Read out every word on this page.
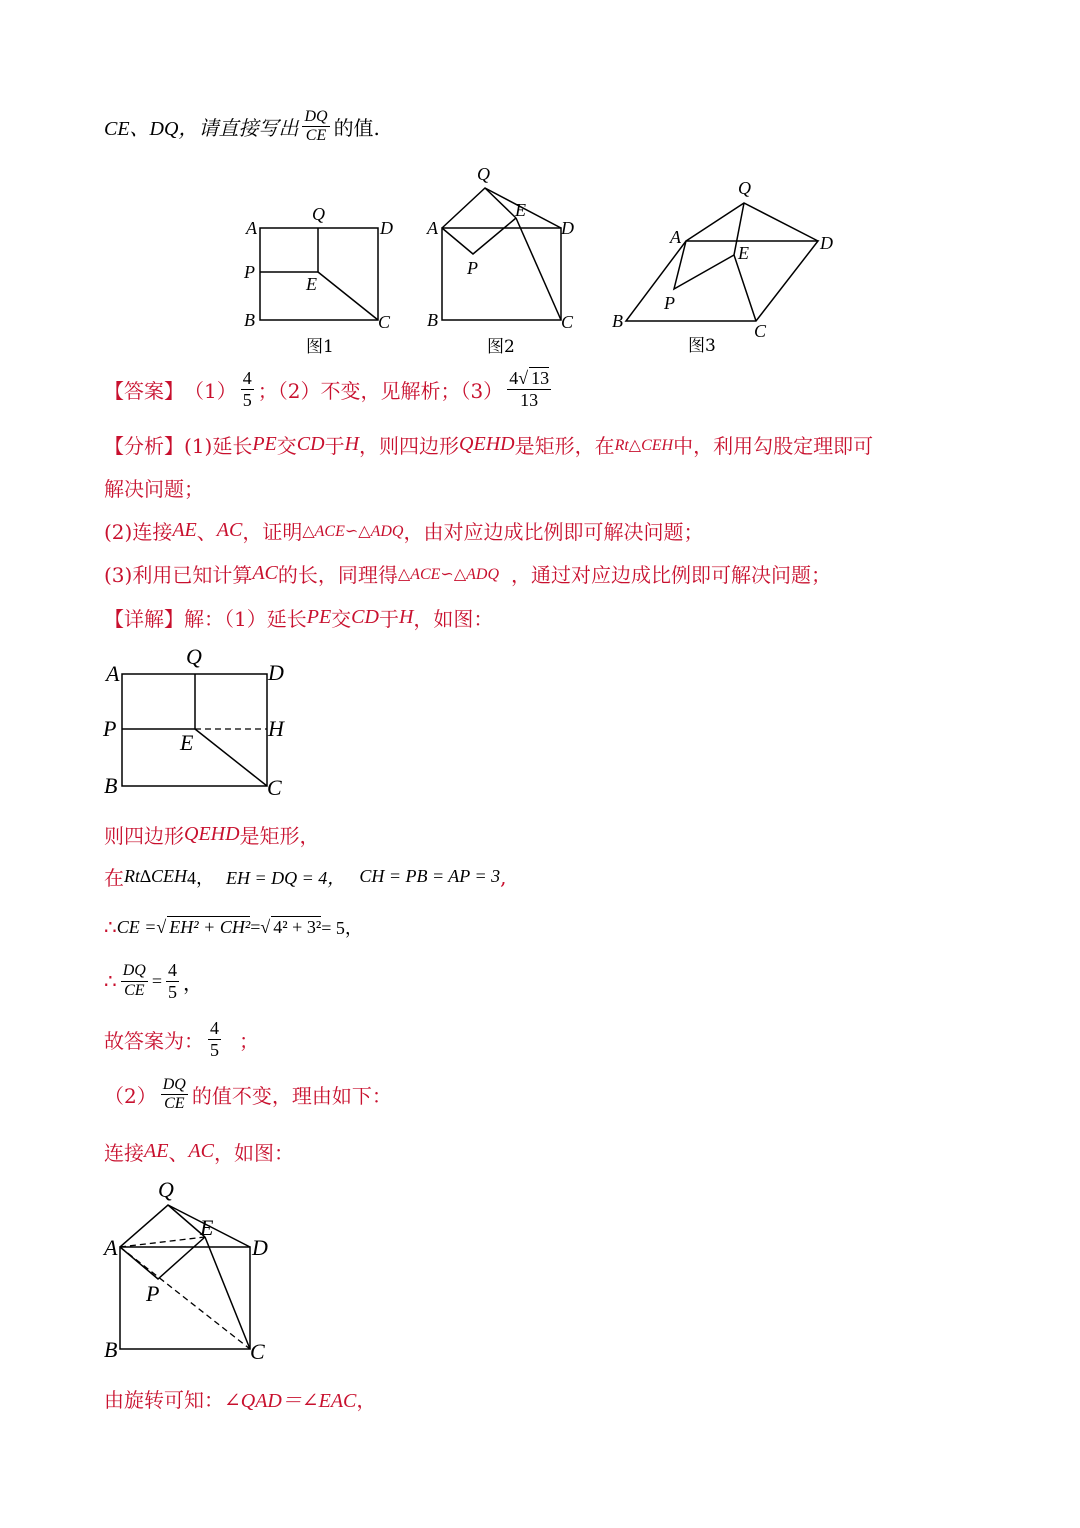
CE、DQ，请直接写出 $\frac{DQ}{CE}$ 的值.
A
Q
D
P
E
B	C
图1
Q
E
A	D
P
B	C
图2
Q
A
E	D
P
B	C
图3
【答案】 $(1) \frac{4}{5}$ ；（2）不变，见解析；$(3) \frac{4√ 13}{13}$
【分析】 (1)延长 PE 交 CD 于 H ，则四边形 QEHD 是矩形，在 Rt△CEH 中，利用勾股定理即可
解决问题；
(2)连接 AE 、 AC ，证明 △ACE∽△ADQ ，由对应边成比例即可解决问题；
(3)利用已知计算 AC 的长，同理得 △ACE∽△ADQ ，通过对应边成比例即可解决问题；
【详解】 解：（1）延长 PE 交 CD 于 H ，如图：
Q
A	D
P	H
E
B	C
则四边形 QEHD 是矩形，
在 Rt∆CEH 4， EH = DQ = 4， CH = PB = AP = 3 ,
∴ CE = √ EH² + CH² = √ 4² + 3² = 5，
∴ $\frac{DQ}{CE} = \frac{4}{5}$ ，
故答案为： $\frac{4}{5}$ ；
$(2) \frac{DQ}{CE}$ 的值不变，理由如下：
连接 AE 、 AC ，如图：
Q
E
A	D
P
B	C
由旋转可知： ∠QAD＝∠EAC ，
